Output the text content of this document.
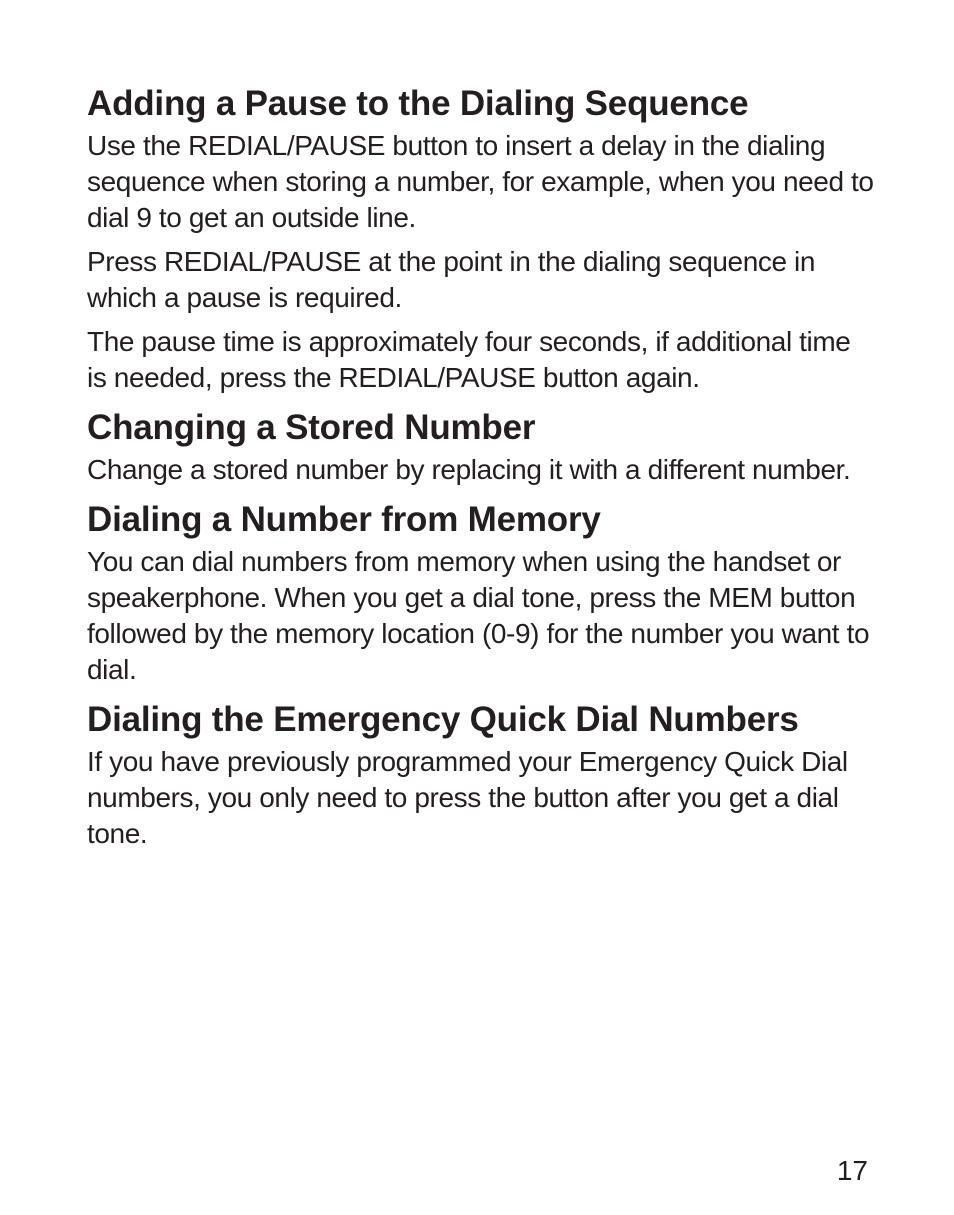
Adding a Pause to the Dialing Sequence

Use the REDIAL/PAUSE button to insert a delay in the dialing sequence when storing a number, for example, when you need to dial 9 to get an outside line.

Press REDIAL/PAUSE at the point in the dialing sequence in which a pause is required.

The pause time is approximately four seconds, if additional time is needed, press the REDIAL/PAUSE button again.

Changing a Stored Number

Change a stored number by replacing it with a different number.

Dialing a Number from Memory

You can dial numbers from memory when using the handset or speakerphone. When you get a dial tone, press the MEM button followed by the memory location (0-9) for the number you want to dial.

Dialing the Emergency Quick Dial Numbers

If you have previously programmed your Emergency Quick Dial numbers, you only need to press the button after you get a dial tone.

17
